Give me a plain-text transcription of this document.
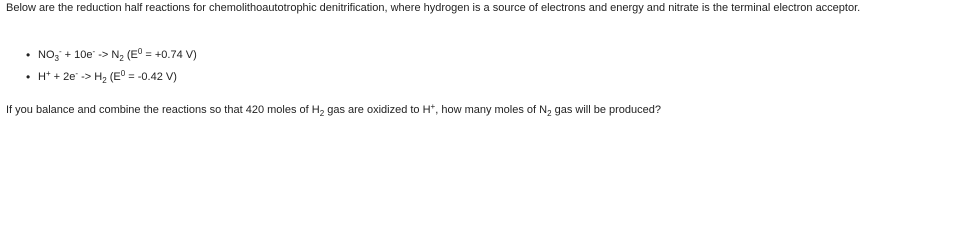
Below are the reduction half reactions for chemolithoautotrophic denitrification, where hydrogen is a source of electrons and energy and nitrate is the terminal electron acceptor.
• $NO_3^- + 10e^- -> N_2$ ($E^0 = +0.74$ V)
• $H^+ + 2e^- -> H_2$ ($E^0 = -0.42$ V)
If you balance and combine the reactions so that 420 moles of $H_2$ gas are oxidized to H+, how many moles of $N_2$ gas will be produced?
